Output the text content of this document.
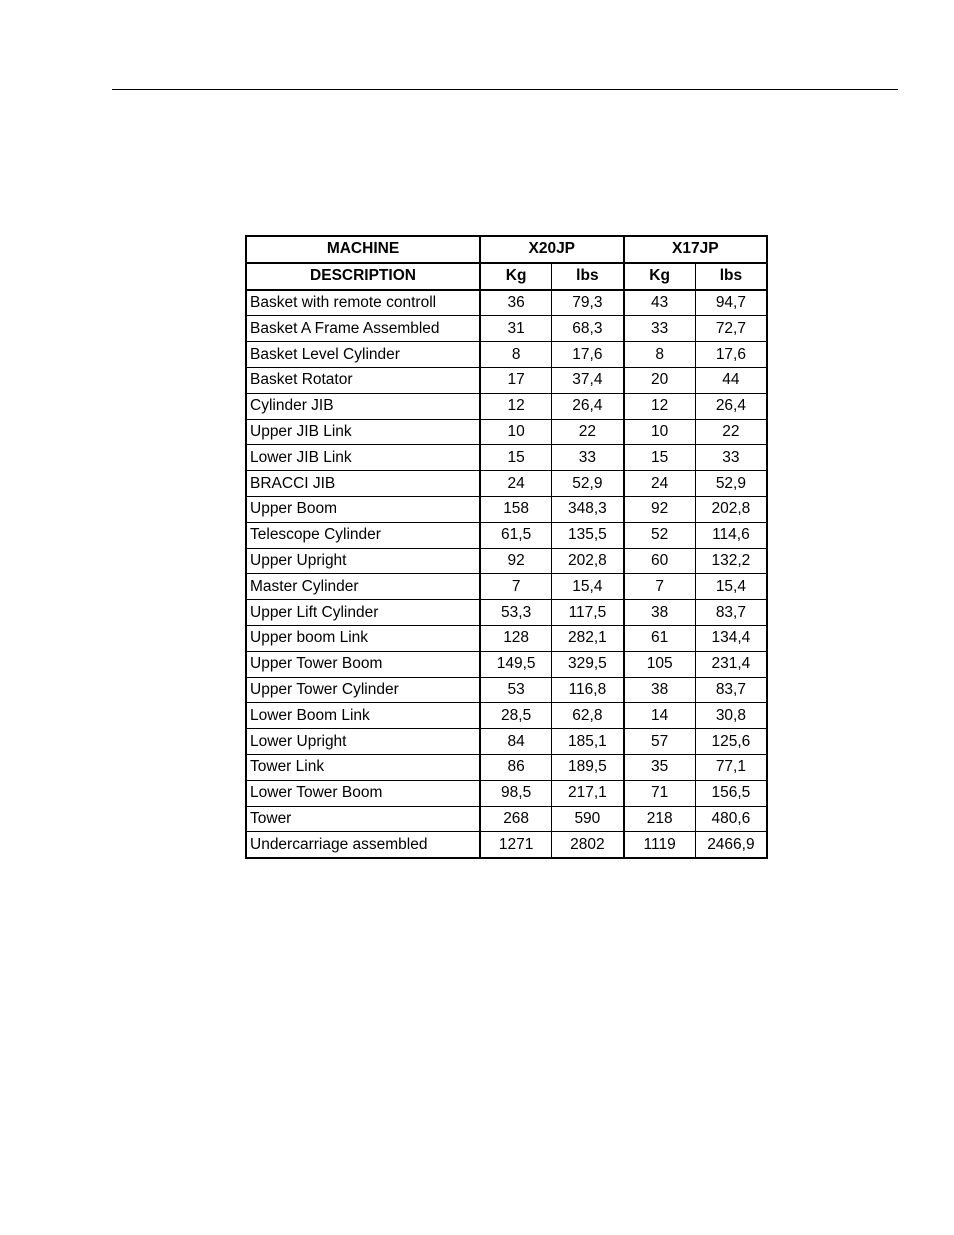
MACHINE	X20JP		X17JP	
DESCRIPTION	Kg	lbs	Kg	lbs
Basket with remote controll	36	79,3	43	94,7
Basket A Frame Assembled	31	68,3	33	72,7
Basket Level Cylinder	8	17,6	8	17,6
Basket Rotator	17	37,4	20	44
Cylinder JIB	12	26,4	12	26,4
Upper JIB Link	10	22	10	22
Lower JIB Link	15	33	15	33
BRACCI JIB	24	52,9	24	52,9
Upper Boom	158	348,3	92	202,8
Telescope Cylinder	61,5	135,5	52	114,6
Upper Upright	92	202,8	60	132,2
Master Cylinder	7	15,4	7	15,4
Upper Lift Cylinder	53,3	117,5	38	83,7
Upper boom Link	128	282,1	61	134,4
Upper Tower Boom	149,5	329,5	105	231,4
Upper Tower Cylinder	53	116,8	38	83,7
Lower Boom Link	28,5	62,8	14	30,8
Lower Upright	84	185,1	57	125,6
Tower Link	86	189,5	35	77,1
Lower Tower Boom	98,5	217,1	71	156,5
Tower	268	590	218	480,6
Undercarriage assembled	1271	2802	1119	2466,9
